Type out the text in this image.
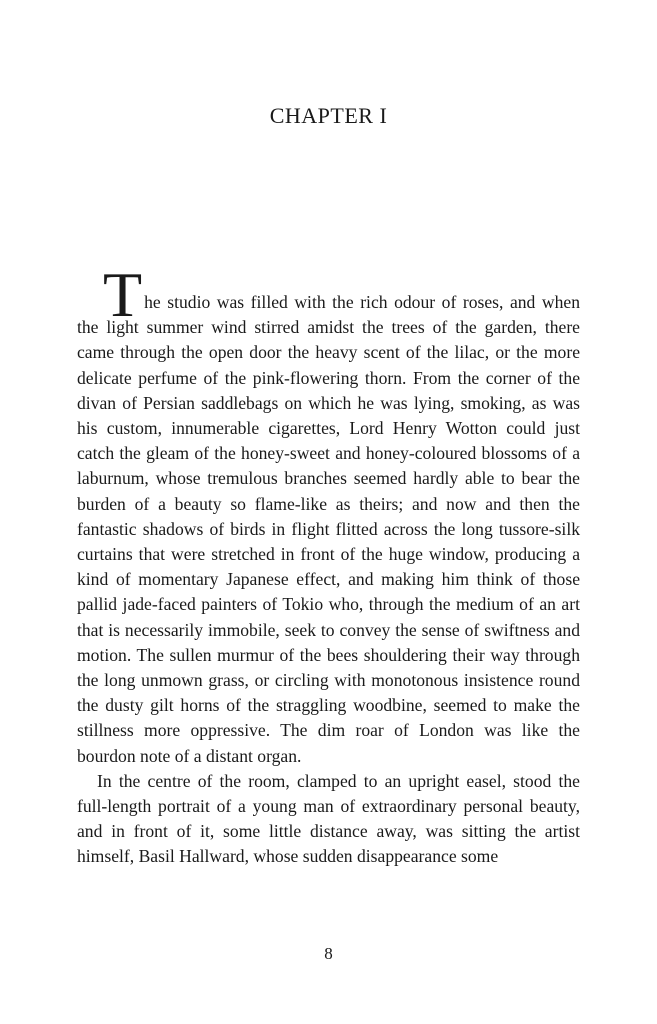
CHAPTER I

The studio was filled with the rich odour of roses, and when the light summer wind stirred amidst the trees of the garden, there came through the open door the heavy scent of the lilac, or the more delicate perfume of the pink-flowering thorn. From the corner of the divan of Persian saddlebags on which he was lying, smoking, as was his custom, innumerable cigarettes, Lord Henry Wotton could just catch the gleam of the honey-sweet and honey-coloured blossoms of a laburnum, whose tremulous branches seemed hardly able to bear the burden of a beauty so flame-like as theirs; and now and then the fantastic shadows of birds in flight flitted across the long tussore-silk curtains that were stretched in front of the huge window, producing a kind of momentary Japanese effect, and making him think of those pallid jade-faced painters of Tokio who, through the medium of an art that is necessarily immobile, seek to convey the sense of swiftness and motion. The sullen murmur of the bees shouldering their way through the long unmown grass, or circling with monotonous insistence round the dusty gilt horns of the straggling woodbine, seemed to make the stillness more oppressive. The dim roar of London was like the bourdon note of a distant organ.

In the centre of the room, clamped to an upright easel, stood the full-length portrait of a young man of extraordinary personal beauty, and in front of it, some little distance away, was sitting the artist himself, Basil Hallward, whose sudden disappearance some

8
